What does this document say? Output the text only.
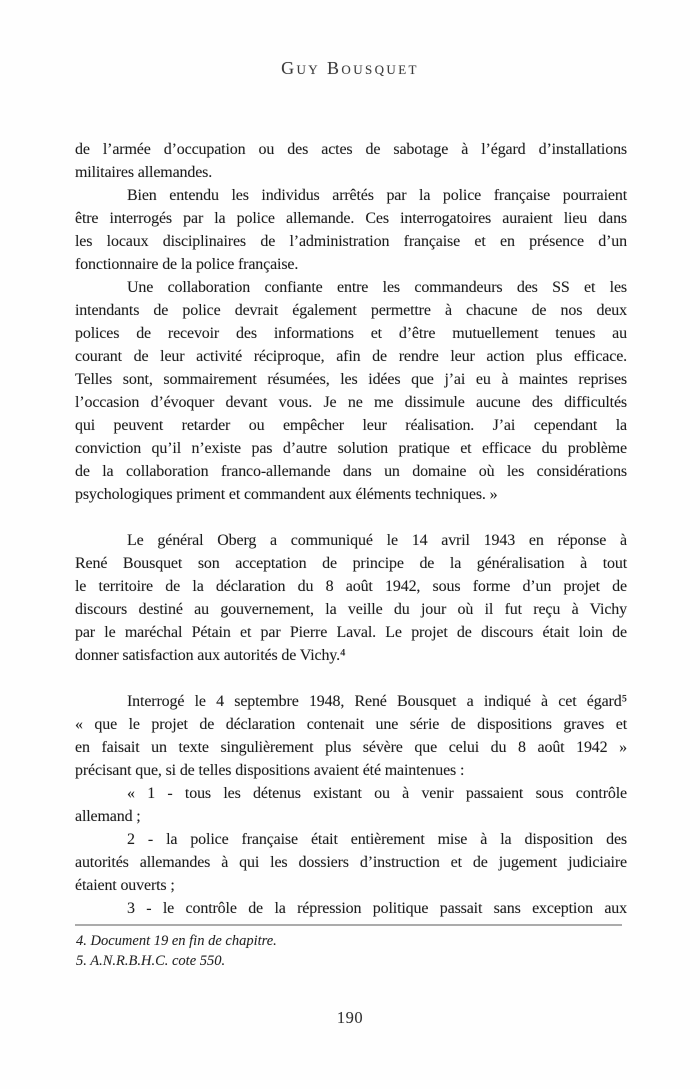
Guy Bousquet
de l’armée d’occupation ou des actes de sabotage à l’égard d’installations
militaires allemandes.
Bien entendu les individus arrêtés par la police française pourraient
être interrogés par la police allemande. Ces interrogatoires auraient lieu dans
les locaux disciplinaires de l’administration française et en présence d’un
fonctionnaire de la police française.
Une collaboration confiante entre les commandeurs des SS et les
intendants de police devrait également permettre à chacune de nos deux
polices de recevoir des informations et d’être mutuellement tenues au
courant de leur activité réciproque, afin de rendre leur action plus efficace.
Telles sont, sommairement résumées, les idées que j’ai eu à maintes reprises
l’occasion d’évoquer devant vous. Je ne me dissimule aucune des difficultés
qui peuvent retarder ou empêcher leur réalisation. J’ai cependant la
conviction qu’il n’existe pas d’autre solution pratique et efficace du problème
de la collaboration franco-allemande dans un domaine où les considérations
psychologiques priment et commandent aux éléments techniques. »
Le général Oberg a communiqué le 14 avril 1943 en réponse à
René Bousquet son acceptation de principe de la généralisation à tout
le territoire de la déclaration du 8 août 1942, sous forme d’un projet de
discours destiné au gouvernement, la veille du jour où il fut reçu à Vichy
par le maréchal Pétain et par Pierre Laval. Le projet de discours était loin de
donner satisfaction aux autorités de Vichy.⁴
Interrogé le 4 septembre 1948, René Bousquet a indiqué à cet égard⁵
« que le projet de déclaration contenait une série de dispositions graves et
en faisait un texte singulièrement plus sévère que celui du 8 août 1942 »
précisant que, si de telles dispositions avaient été maintenues :
« 1 - tous les détenus existant ou à venir passaient sous contrôle
allemand ;
2 - la police française était entièrement mise à la disposition des
autorités allemandes à qui les dossiers d’instruction et de jugement judiciaire
étaient ouverts ;
3 - le contrôle de la répression politique passait sans exception aux
4. Document 19 en fin de chapitre.
5. A.N.R.B.H.C. cote 550.
190
